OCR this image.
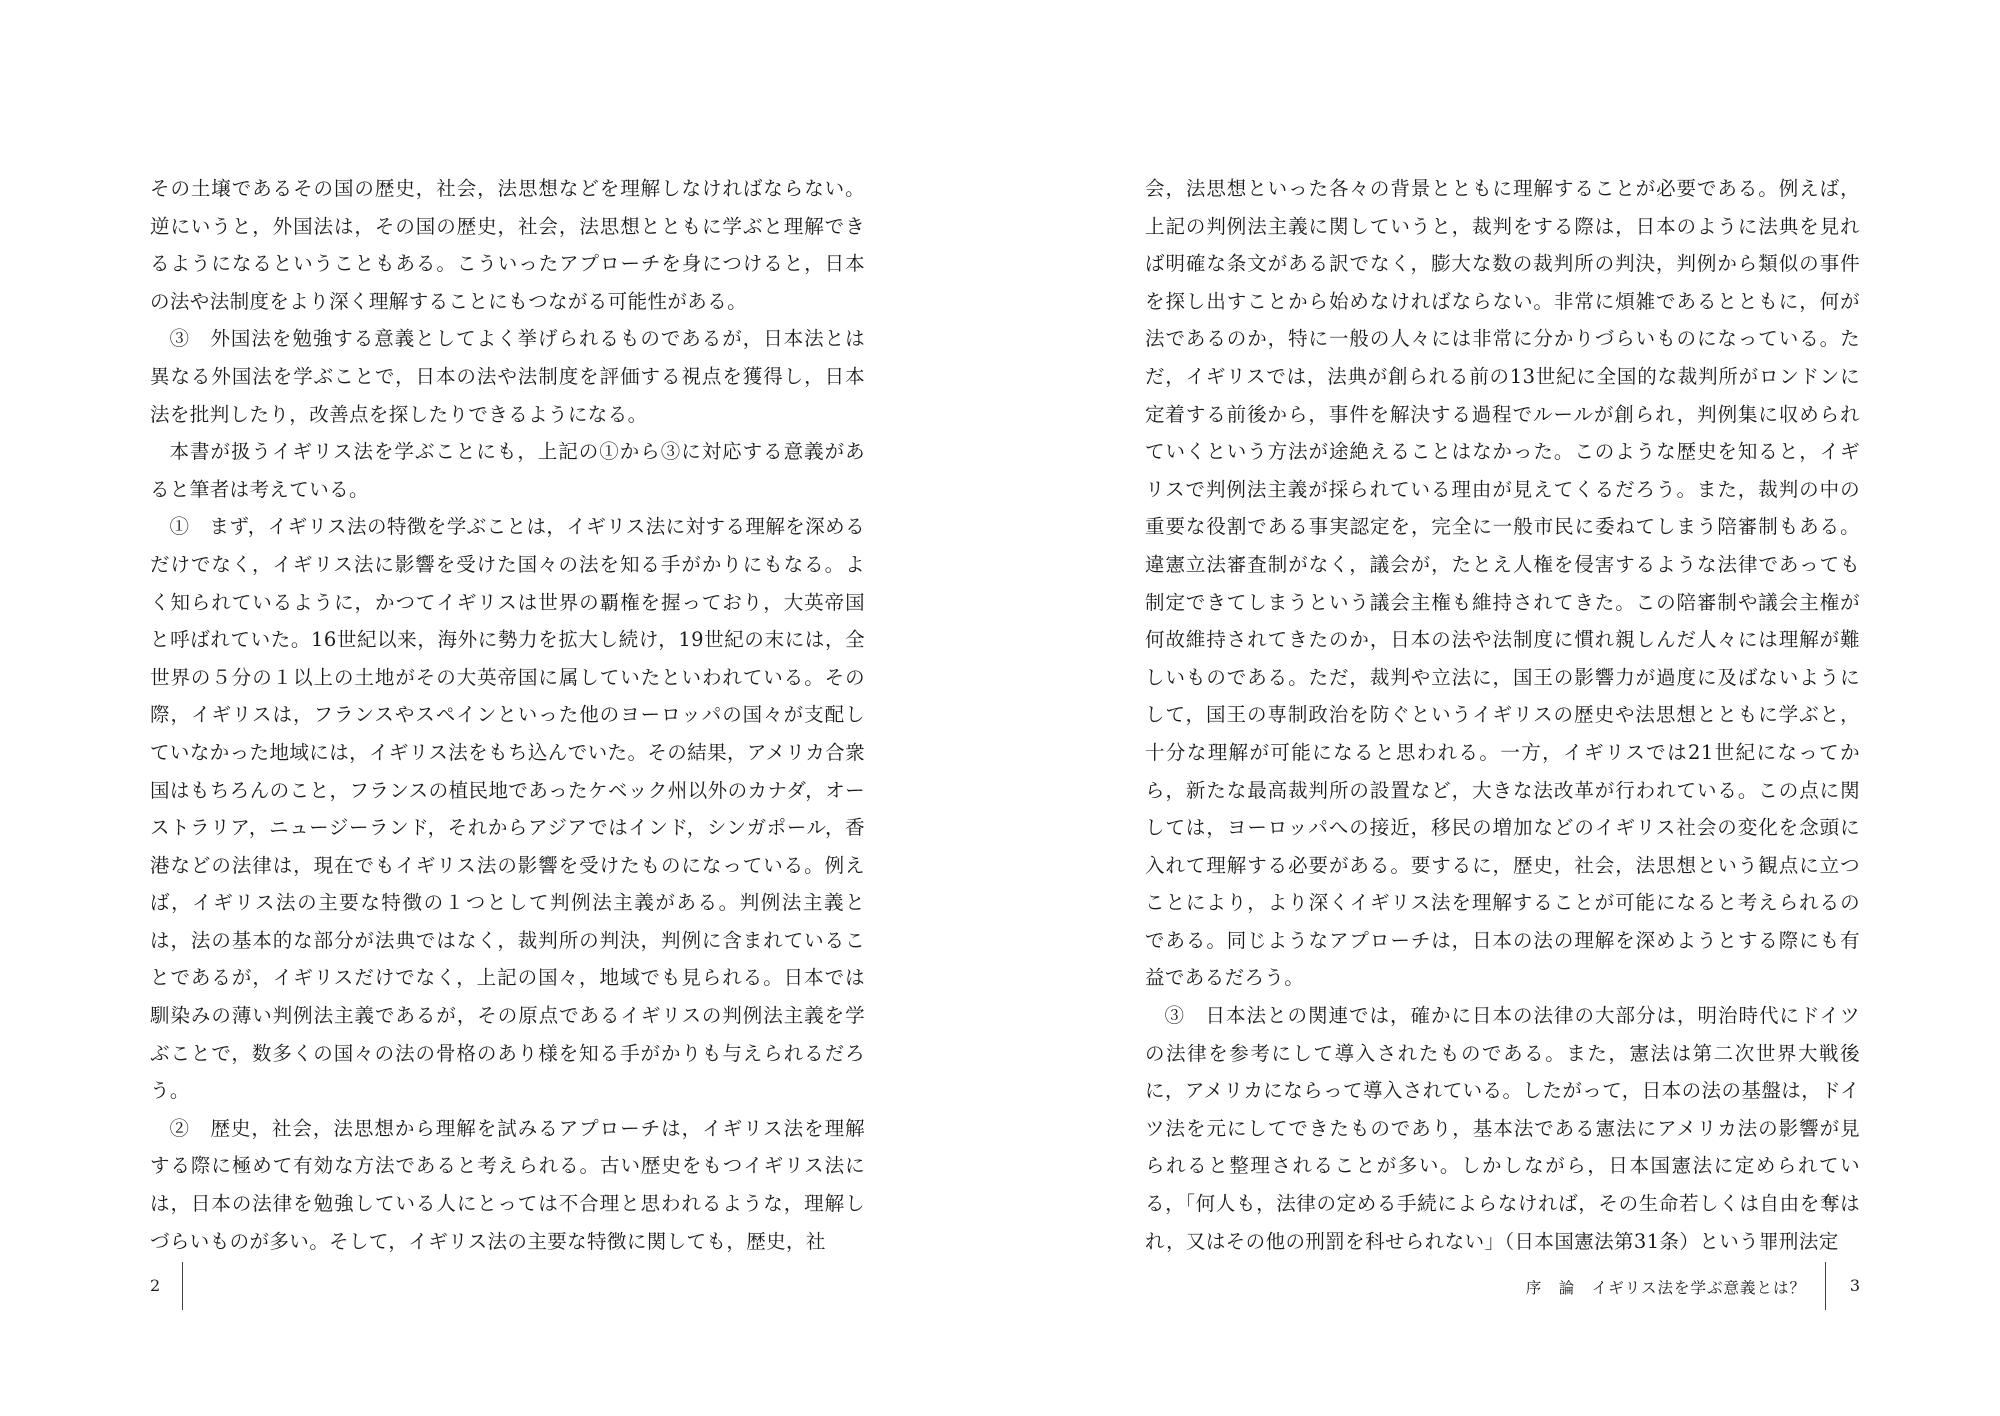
その土壌であるその国の歴史，社会，法思想などを理解しなければならない。逆にいうと，外国法は，その国の歴史，社会，法思想とともに学ぶと理解できるようになるということもある。こういったアプローチを身につけると，日本の法や法制度をより深く理解することにもつながる可能性がある。

③　外国法を勉強する意義としてよく挙げられるものであるが，日本法とは異なる外国法を学ぶことで，日本の法や法制度を評価する視点を獲得し，日本法を批判したり，改善点を探したりできるようになる。

本書が扱うイギリス法を学ぶことにも，上記の①から③に対応する意義があると筆者は考えている。

①　まず，イギリス法の特徴を学ぶことは，イギリス法に対する理解を深めるだけでなく，イギリス法に影響を受けた国々の法を知る手がかりにもなる。よく知られているように，かつてイギリスは世界の覇権を握っており，大英帝国と呼ばれていた。16世紀以来，海外に勢力を拡大し続け，19世紀の末には，全世界の５分の１以上の土地がその大英帝国に属していたといわれている。その際，イギリスは，フランスやスペインといった他のヨーロッパの国々が支配していなかった地域には，イギリス法をもち込んでいた。その結果，アメリカ合衆国はもちろんのこと，フランスの植民地であったケベック州以外のカナダ，オーストラリア，ニュージーランド，それからアジアではインド，シンガポール，香港などの法律は，現在でもイギリス法の影響を受けたものになっている。例えば，イギリス法の主要な特徴の１つとして判例法主義がある。判例法主義とは，法の基本的な部分が法典ではなく，裁判所の判決，判例に含まれていることであるが，イギリスだけでなく，上記の国々，地域でも見られる。日本では馴染みの薄い判例法主義であるが，その原点であるイギリスの判例法主義を学ぶことで，数多くの国々の法の骨格のあり様を知る手がかりも与えられるだろう。

②　歴史，社会，法思想から理解を試みるアプローチは，イギリス法を理解する際に極めて有効な方法であると考えられる。古い歴史をもつイギリス法には，日本の法律を勉強している人にとっては不合理と思われるような，理解しづらいものが多い。そして，イギリス法の主要な特徴に関しても，歴史，社

会，法思想といった各々の背景とともに理解することが必要である。例えば，上記の判例法主義に関していうと，裁判をする際は，日本のように法典を見れば明確な条文がある訳でなく，膨大な数の裁判所の判決，判例から類似の事件を探し出すことから始めなければならない。非常に煩雑であるとともに，何が法であるのか，特に一般の人々には非常に分かりづらいものになっている。ただ，イギリスでは，法典が創られる前の13世紀に全国的な裁判所がロンドンに定着する前後から，事件を解決する過程でルールが創られ，判例集に収められていくという方法が途絶えることはなかった。このような歴史を知ると，イギリスで判例法主義が採られている理由が見えてくるだろう。また，裁判の中の重要な役割である事実認定を，完全に一般市民に委ねてしまう陪審制もある。違憲立法審査制がなく，議会が，たとえ人権を侵害するような法律であっても制定できてしまうという議会主権も維持されてきた。この陪審制や議会主権が何故維持されてきたのか，日本の法や法制度に慣れ親しんだ人々には理解が難しいものである。ただ，裁判や立法に，国王の影響力が過度に及ばないようにして，国王の専制政治を防ぐというイギリスの歴史や法思想とともに学ぶと，十分な理解が可能になると思われる。一方，イギリスでは21世紀になってから，新たな最高裁判所の設置など，大きな法改革が行われている。この点に関しては，ヨーロッパへの接近，移民の増加などのイギリス社会の変化を念頭に入れて理解する必要がある。要するに，歴史，社会，法思想という観点に立つことにより，より深くイギリス法を理解することが可能になると考えられるのである。同じようなアプローチは，日本の法の理解を深めようとする際にも有益であるだろう。

③　日本法との関連では，確かに日本の法律の大部分は，明治時代にドイツの法律を参考にして導入されたものである。また，憲法は第二次世界大戦後に，アメリカにならって導入されている。したがって，日本の法の基盤は，ドイツ法を元にしてできたものであり，基本法である憲法にアメリカ法の影響が見られると整理されることが多い。しかしながら，日本国憲法に定められている，「何人も，法律の定める手続によらなければ，その生命若しくは自由を奪はれ，又はその他の刑罰を科せられない」（日本国憲法第31条）という罪刑法定

2	序　論　イギリス法を学ぶ意義とは？	3
